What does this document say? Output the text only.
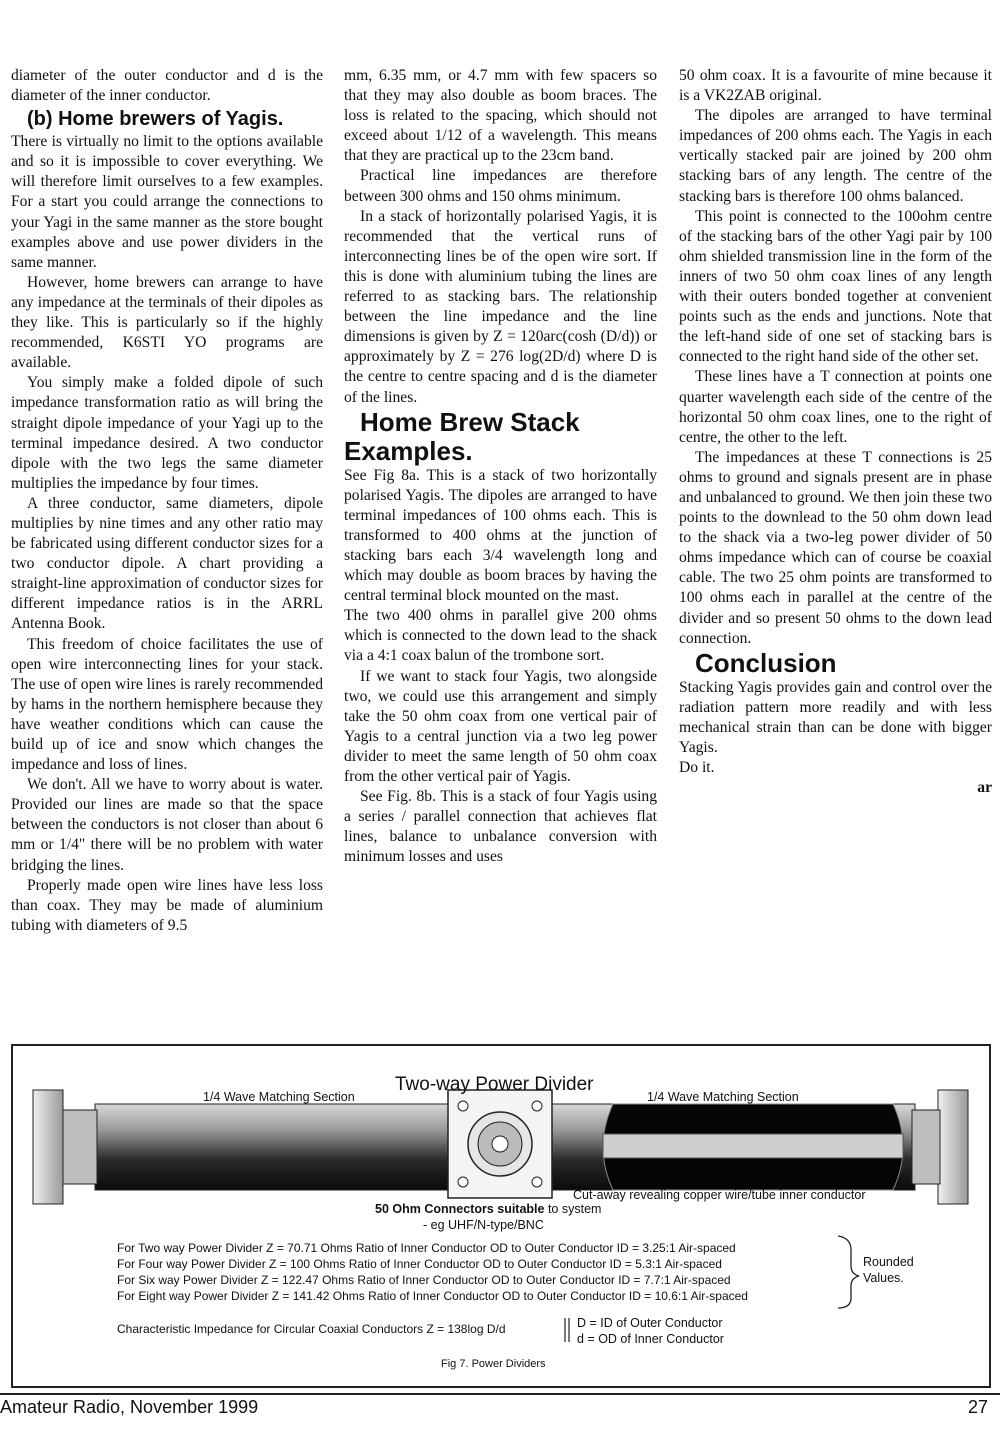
diameter of the outer conductor and d is the diameter of the inner conductor.

(b) Home brewers of Yagis.

There is virtually no limit to the options available and so it is impossible to cover everything. We will therefore limit ourselves to a few examples. For a start you could arrange the connections to your Yagi in the same manner as the store bought examples above and use power dividers in the same manner.

However, home brewers can arrange to have any impedance at the terminals of their dipoles as they like. This is particularly so if the highly recommended, K6STI YO programs are available.

You simply make a folded dipole of such impedance transformation ratio as will bring the straight dipole impedance of your Yagi up to the terminal impedance desired. A two conductor dipole with the two legs the same diameter multiplies the impedance by four times.

A three conductor, same diameters, dipole multiplies by nine times and any other ratio may be fabricated using different conductor sizes for a two conductor dipole. A chart providing a straight-line approximation of conductor sizes for different impedance ratios is in the ARRL Antenna Book.

This freedom of choice facilitates the use of open wire interconnecting lines for your stack. The use of open wire lines is rarely recommended by hams in the northern hemisphere because they have weather conditions which can cause the build up of ice and snow which changes the impedance and loss of lines.

We don't. All we have to worry about is water. Provided our lines are made so that the space between the conductors is not closer than about 6 mm or 1/4" there will be no problem with water bridging the lines.

Properly made open wire lines have less loss than coax. They may be made of aluminium tubing with diameters of 9.5

mm, 6.35 mm, or 4.7 mm with few spacers so that they may also double as boom braces. The loss is related to the spacing, which should not exceed about 1/12 of a wavelength. This means that they are practical up to the 23cm band.

Practical line impedances are therefore between 300 ohms and 150 ohms minimum.

In a stack of horizontally polarised Yagis, it is recommended that the vertical runs of interconnecting lines be of the open wire sort. If this is done with aluminium tubing the lines are referred to as stacking bars. The relationship between the line impedance and the line dimensions is given by Z = 120arc(cosh (D/d)) or approximately by Z = 276 log(2D/d) where D is the centre to centre spacing and d is the diameter of the lines.

Home Brew Stack Examples.

See Fig 8a. This is a stack of two horizontally polarised Yagis. The dipoles are arranged to have terminal impedances of 100 ohms each. This is transformed to 400 ohms at the junction of stacking bars each 3/4 wavelength long and which may double as boom braces by having the central terminal block mounted on the mast.

The two 400 ohms in parallel give 200 ohms which is connected to the down lead to the shack via a 4:1 coax balun of the trombone sort.

If we want to stack four Yagis, two alongside two, we could use this arrangement and simply take the 50 ohm coax from one vertical pair of Yagis to a central junction via a two leg power divider to meet the same length of 50 ohm coax from the other vertical pair of Yagis.

See Fig. 8b. This is a stack of four Yagis using a series / parallel connection that achieves flat lines, balance to unbalance conversion with minimum losses and uses

50 ohm coax. It is a favourite of mine because it is a VK2ZAB original.

The dipoles are arranged to have terminal impedances of 200 ohms each. The Yagis in each vertically stacked pair are joined by 200 ohm stacking bars of any length. The centre of the stacking bars is therefore 100 ohms balanced.

This point is connected to the 100ohm centre of the stacking bars of the other Yagi pair by 100 ohm shielded transmission line in the form of the inners of two 50 ohm coax lines of any length with their outers bonded together at convenient points such as the ends and junctions. Note that the left-hand side of one set of stacking bars is connected to the right hand side of the other set.

These lines have a T connection at points one quarter wavelength each side of the centre of the horizontal 50 ohm coax lines, one to the right of centre, the other to the left.

The impedances at these T connections is 25 ohms to ground and signals present are in phase and unbalanced to ground. We then join these two points to the downlead to the 50 ohm down lead to the shack via a two-leg power divider of 50 ohms impedance which can of course be coaxial cable. The two 25 ohm points are transformed to 100 ohms each in parallel at the centre of the divider and so present 50 ohms to the down lead connection.

Conclusion

Stacking Yagis provides gain and control over the radiation pattern more readily and with less mechanical strain than can be done with bigger Yagis.

Do it.

ar

Two-way Power Divider
1/4 Wave Matching Section	1/4 Wave Matching Section
Cut-away revealing copper wire/tube inner conductor
50 Ohm Connectors suitable to system
- eg UHF/N-type/BNC
For Two way Power Divider Z = 70.71 Ohms Ratio of Inner Conductor OD to Outer Conductor ID = 3.25:1 Air-spaced
For Four way Power Divider Z = 100 Ohms Ratio of Inner Conductor OD to Outer Conductor ID = 5.3:1 Air-spaced
For Six way Power Divider Z = 122.47 Ohms Ratio of Inner Conductor OD to Outer Conductor ID = 7.7:1 Air-spaced
For Eight way Power Divider Z = 141.42 Ohms Ratio of Inner Conductor OD to Outer Conductor ID = 10.6:1 Air-spaced
Rounded
Values.
Characteristic Impedance for Circular Coaxial Conductors Z = 138log D/d	D = ID of Outer Conductor
d = OD of Inner Conductor
Fig 7. Power Dividers
Amateur Radio, November 1999	27
